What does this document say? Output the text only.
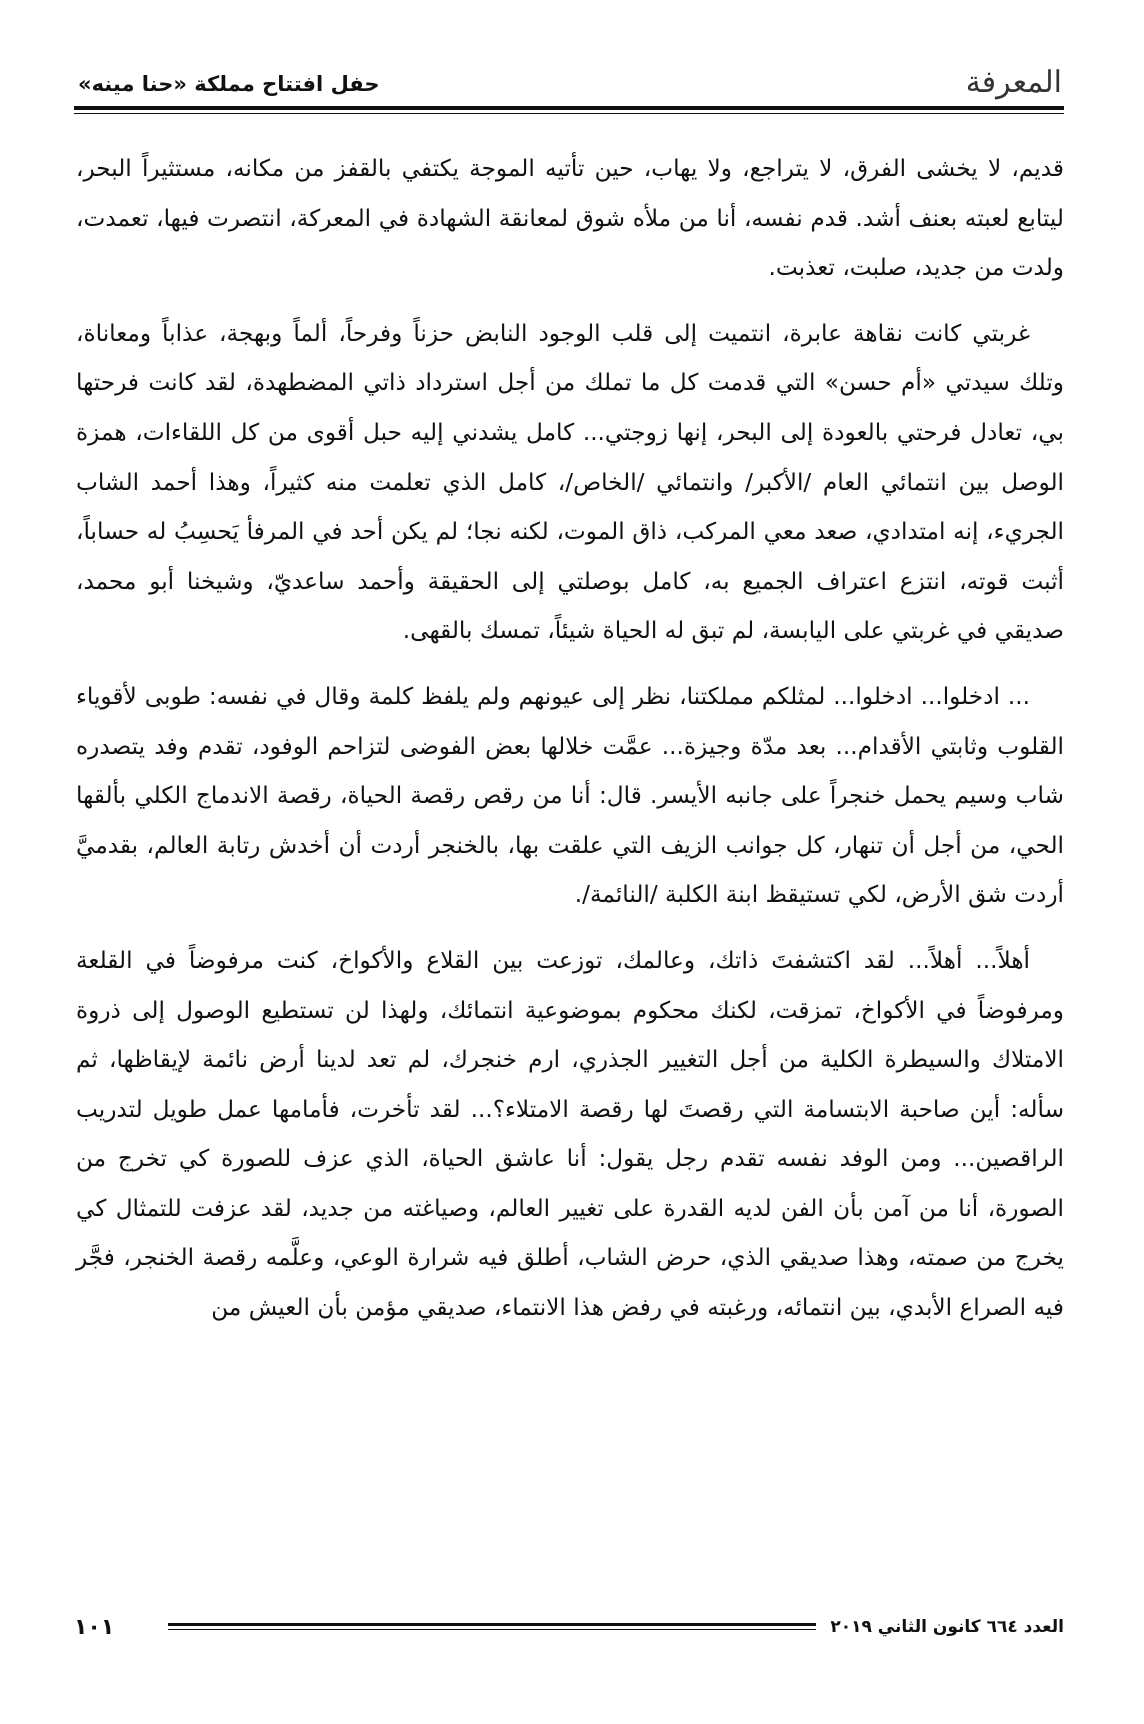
حفل افتتاح مملكة «حنا مينه»	المعرفة

قديم، لا يخشى الفرق، لا يتراجع، ولا يهاب، حين تأتيه الموجة يكتفي بالقفز من مكانه، مستثيراً البحر، ليتابع لعبته بعنف أشد. قدم نفسه، أنا من ملأه شوق لمعانقة الشهادة في المعركة، انتصرت فيها، تعمدت، ولدت من جديد، صلبت، تعذبت.

غربتي كانت نقاهة عابرة، انتميت إلى قلب الوجود النابض حزناً وفرحاً، ألماً وبهجة، عذاباً ومعاناة، وتلك سيدتي «أم حسن» التي قدمت كل ما تملك من أجل استرداد ذاتي المضطهدة، لقد كانت فرحتها بي، تعادل فرحتي بالعودة إلى البحر، إنها زوجتي... كامل يشدني إليه حبل أقوى من كل اللقاءات، همزة الوصل بين انتمائي العام /الأكبر/ وانتمائي /الخاص/، كامل الذي تعلمت منه كثيراً، وهذا أحمد الشاب الجريء، إنه امتدادي، صعد معي المركب، ذاق الموت، لكنه نجا؛ لم يكن أحد في المرفأ يَحسِبُ له حساباً، أثبت قوته، انتزع اعتراف الجميع به، كامل بوصلتي إلى الحقيقة وأحمد ساعديّ، وشيخنا أبو محمد، صديقي في غربتي على اليابسة، لم تبق له الحياة شيئاً، تمسك بالقهى.

... ادخلوا... ادخلوا... لمثلكم مملكتنا، نظر إلى عيونهم ولم يلفظ كلمة وقال في نفسه: طوبى لأقوياء القلوب وثابتي الأقدام... بعد مدّة وجيزة... عمَّت خلالها بعض الفوضى لتزاحم الوفود، تقدم وفد يتصدره شاب وسيم يحمل خنجراً على جانبه الأيسر. قال: أنا من رقص رقصة الحياة، رقصة الاندماج الكلي بألقها الحي، من أجل أن تنهار، كل جوانب الزيف التي علقت بها، بالخنجر أردت أن أخدش رتابة العالم، بقدميَّ أردت شق الأرض، لكي تستيقظ ابنة الكلبة /النائمة/.

أهلاً... أهلاً... لقد اكتشفتَ ذاتك، وعالمك، توزعت بين القلاع والأكواخ، كنت مرفوضاً في القلعة ومرفوضاً في الأكواخ، تمزقت، لكنك محكوم بموضوعية انتمائك، ولهذا لن تستطيع الوصول إلى ذروة الامتلاك والسيطرة الكلية من أجل التغيير الجذري، ارم خنجرك، لم تعد لدينا أرض نائمة لإيقاظها، ثم سأله: أين صاحبة الابتسامة التي رقصتَ لها رقصة الامتلاء؟... لقد تأخرت، فأمامها عمل طويل لتدريب الراقصين... ومن الوفد نفسه تقدم رجل يقول: أنا عاشق الحياة، الذي عزف للصورة كي تخرج من الصورة، أنا من آمن بأن الفن لديه القدرة على تغيير العالم، وصياغته من جديد، لقد عزفت للتمثال كي يخرج من صمته، وهذا صديقي الذي، حرض الشاب، أطلق فيه شرارة الوعي، وعلَّمه رقصة الخنجر، فجَّر فيه الصراع الأبدي، بين انتمائه، ورغبته في رفض هذا الانتماء، صديقي مؤمن بأن العيش من

١٠١	العدد ٦٦٤ كانون الثاني ٢٠١٩
